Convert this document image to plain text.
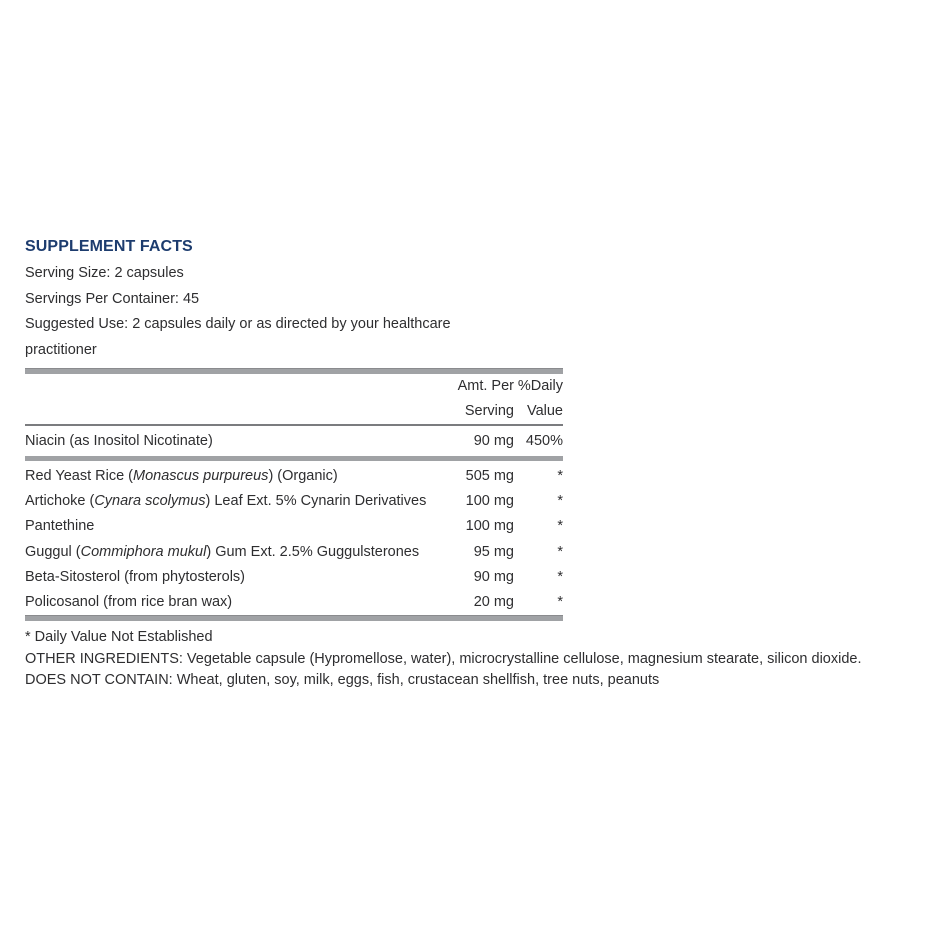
SUPPLEMENT FACTS

Serving Size: 2 capsules

Servings Per Container: 45

Suggested Use: 2 capsules daily or as directed by your healthcare practitioner

Amt. Per
Serving

%Daily
Value

Niacin (as Inositol Nicotinate)	90 mg	450%
Red Yeast Rice (Monascus purpureus) (Organic)	505 mg	*
Artichoke (Cynara scolymus) Leaf Ext. 5% Cynarin Derivatives	100 mg	*
Pantethine	100 mg	*
Guggul (Commiphora mukul) Gum Ext. 2.5% Guggulsterones	95 mg	*
Beta-Sitosterol (from phytosterols)	90 mg	*
Policosanol (from rice bran wax)	20 mg	*

* Daily Value Not Established

OTHER INGREDIENTS: Vegetable capsule (Hypromellose, water), microcrystalline cellulose, magnesium stearate, silicon dioxide.

DOES NOT CONTAIN: Wheat, gluten, soy, milk, eggs, fish, crustacean shellfish, tree nuts, peanuts
